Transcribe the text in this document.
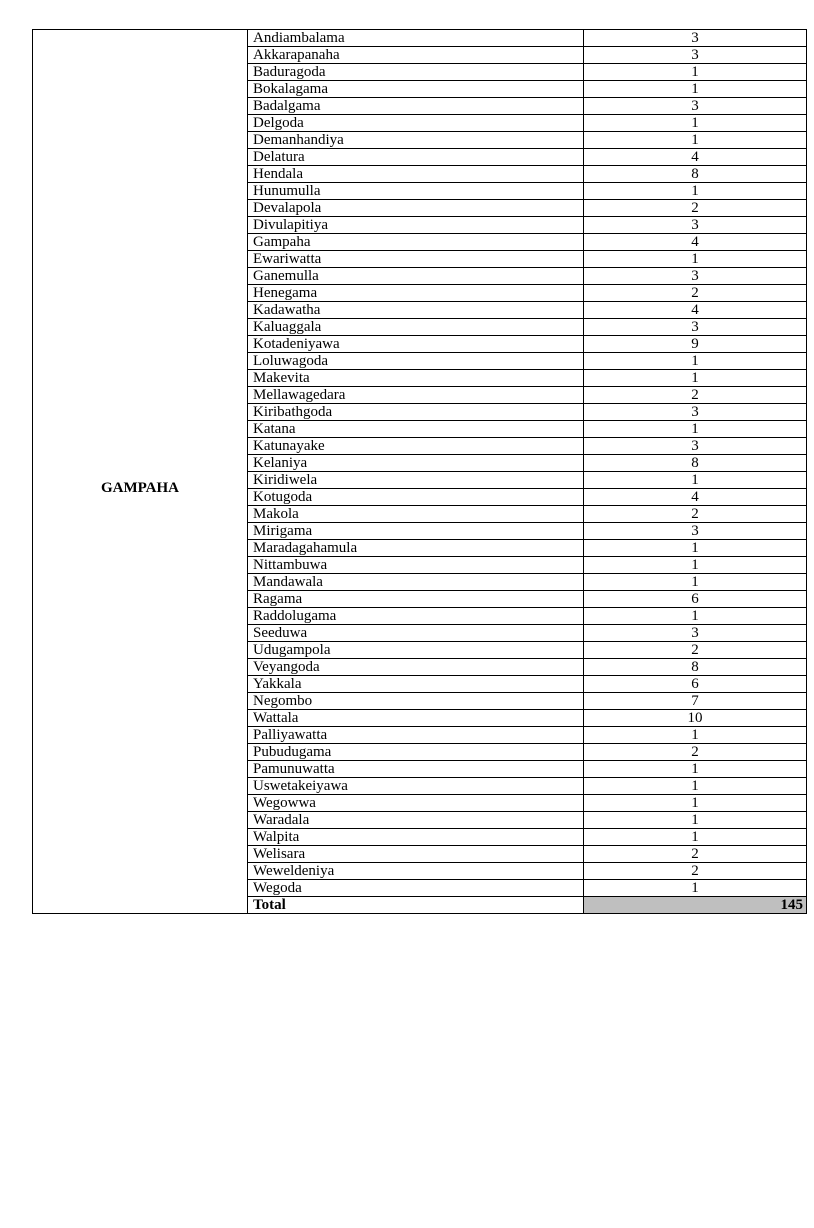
GAMPAHA	Andiambalama	3
	Akkarapanaha	3
	Baduragoda	1
	Bokalagama	1
	Badalgama	3
	Delgoda	1
	Demanhandiya	1
	Delatura	4
	Hendala	8
	Hunumulla	1
	Devalapola	2
	Divulapitiya	3
	Gampaha	4
	Ewariwatta	1
	Ganemulla	3
	Henegama	2
	Kadawatha	4
	Kaluaggala	3
	Kotadeniyawa	9
	Loluwagoda	1
	Makevita	1
	Mellawagedara	2
	Kiribathgoda	3
	Katana	1
	Katunayake	3
	Kelaniya	8
	Kiridiwela	1
	Kotugoda	4
	Makola	2
	Mirigama	3
	Maradagahamula	1
	Nittambuwa	1
	Mandawala	1
	Ragama	6
	Raddolugama	1
	Seeduwa	3
	Udugampola	2
	Veyangoda	8
	Yakkala	6
	Negombo	7
	Wattala	10
	Palliyawatta	1
	Pubudugama	2
	Pamunuwatta	1
	Uswetakeiyawa	1
	Wegowwa	1
	Waradala	1
	Walpita	1
	Welisara	2
	Weweldeniya	2
	Wegoda	1
	Total	145
